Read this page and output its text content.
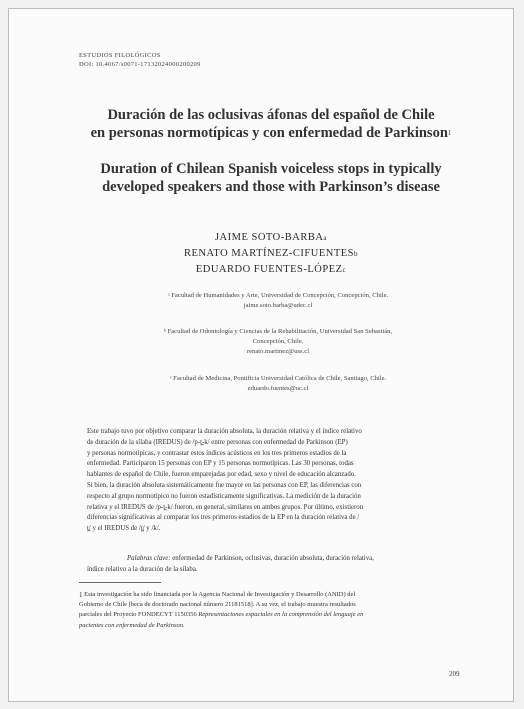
ESTUDIOS FILOLÓGICOS
DOI: 10.4067/s0071-17132024000200209
Duración de las oclusivas áfonas del español de Chile
en personas normotípicas y con enfermedad de Parkinson$^1$
Duration of Chilean Spanish voiceless stops in typically
developed speakers and those with Parkinson’s disease
JAIME SOTO-BARBA$^a$
RENATO MARTÍNEZ-CIFUENTES$^b$
EDUARDO FUENTES-LÓPEZ$^c$
ᵃ Facultad de Humanidades y Arte, Universidad de Concepción, Concepción, Chile.
jaime.soto.barba@udec.cl
ᵇ Facultad de Odontología y Ciencias de la Rehabilitación, Universidad San Sebastián,
Concepción, Chile.
renato.martinez@uss.cl
ᶜ Facultad de Medicina, Pontificia Universidad Católica de Chile, Santiago, Chile.
eduardo.fuentes@uc.cl
Este trabajo tuvo por objetivo comparar la duración absoluta, la duración relativa y el índice relativo
de duración de la sílaba (IREDUS) de /p-t̪-k/ entre personas con enfermedad de Parkinson (EP)
y personas normotípicas, y contrastar estos índices acústicos en los tres primeros estadios de la
enfermedad. Participaron 15 personas con EP y 15 personas normotípicas. Las 30 personas, todas
hablantes de español de Chile, fueron emparejadas por edad, sexo y nivel de educación alcanzado.
Si bien, la duración absoluta sistemáticamente fue mayor en las personas con EP, las diferencias con
respecto al grupo normotípico no fueron estadísticamente significativas. La medición de la duración
relativa y el IREDUS de /p-t̪-k/ fueron, en general, similares en ambos grupos. Por último, existieron
diferencias significativas al comparar los tres primeros estadios de la EP en la duración relativa de /
t̪/ y el IREDUS de /t̪/ y /k/.
Palabras clave: enfermedad de Parkinson, oclusivas, duración absoluta, duración relativa,
índice relativo a la duración de la sílaba.
1 Esta investigación ha sido financiada por la Agencia Nacional de Investigación y Desarrollo (ANID) del
Gobierno de Chile [beca de doctorado nacional número 21181518]. A su vez, el trabajo muestra resultados
parciales del Proyecto FONDECYT 1150356 Representaciones espaciales en la comprensión del lenguaje en
pacientes con enfermedad de Parkinson.
209
